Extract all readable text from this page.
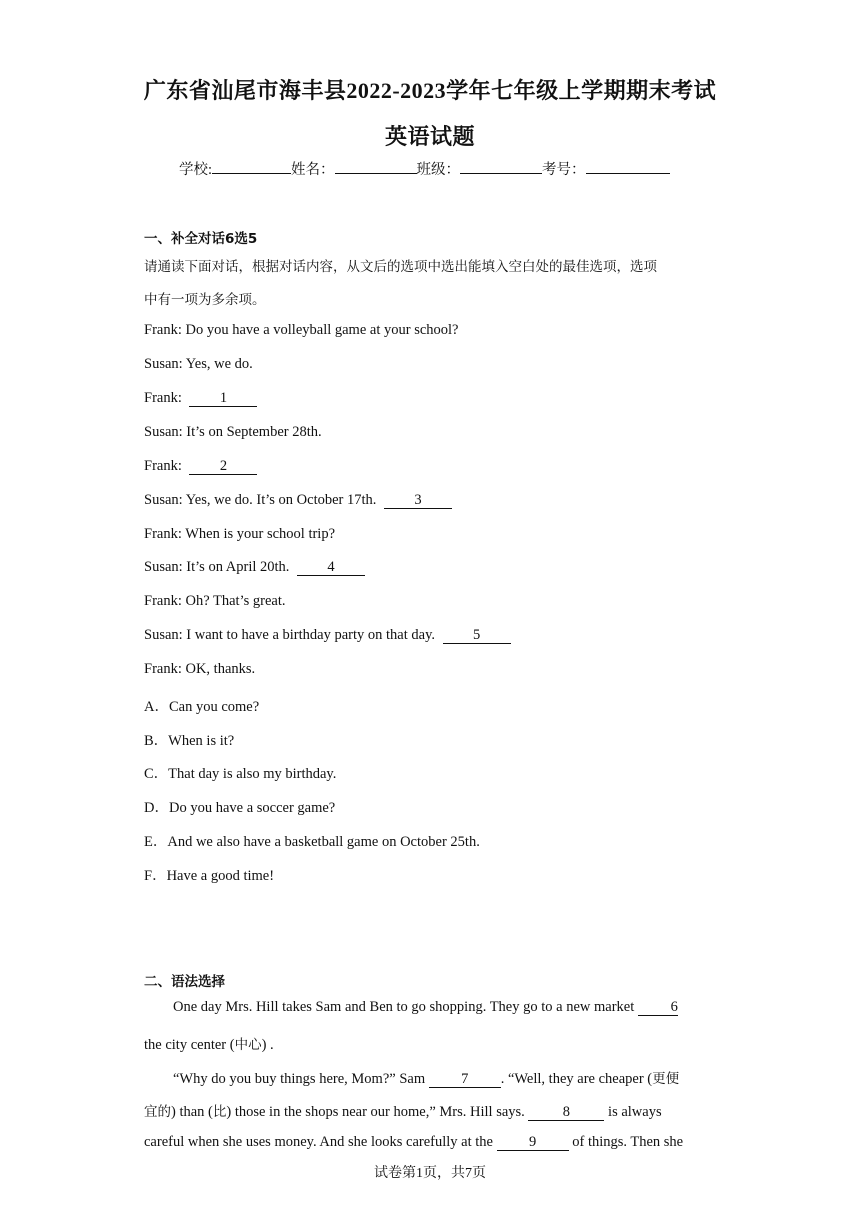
广东省汕尾市海丰县2022-2023学年七年级上学期期末考试
英语试题
学校:	姓名：	班级：	考号：
一、补全对话6选5
请通读下面对话，根据对话内容，从文后的选项中选出能填入空白处的最佳选项，选项
中有一项为多余项。
Frank: Do you have a volleyball game at your school?
Susan: Yes, we do.
Frank: 1
Susan: It’s on September 28th.
Frank: 2
Susan: Yes, we do. It’s on October 17th. 3
Frank: When is your school trip?
Susan: It’s on April 20th. 4
Frank: Oh? That’s great.
Susan: I want to have a birthday party on that day. 5
Frank: OK, thanks.
A．Can you come?
B．When is it?
C．That day is also my birthday.
D．Do you have a soccer game?
E．And we also have a basketball game on October 25th.
F．Have a good time!
二、语法选择
One day Mrs. Hill takes Sam and Ben to go shopping. They go to a new market 6
the city center (中心) .
“Why do you buy things here, Mom?” Sam 7 . “Well, they are cheaper (更便
宜的) than (比) those in the shops near our home,” Mrs. Hill says. 8 is always
careful when she uses money. And she looks carefully at the 9 of things. Then she
试卷第1页，共7页
